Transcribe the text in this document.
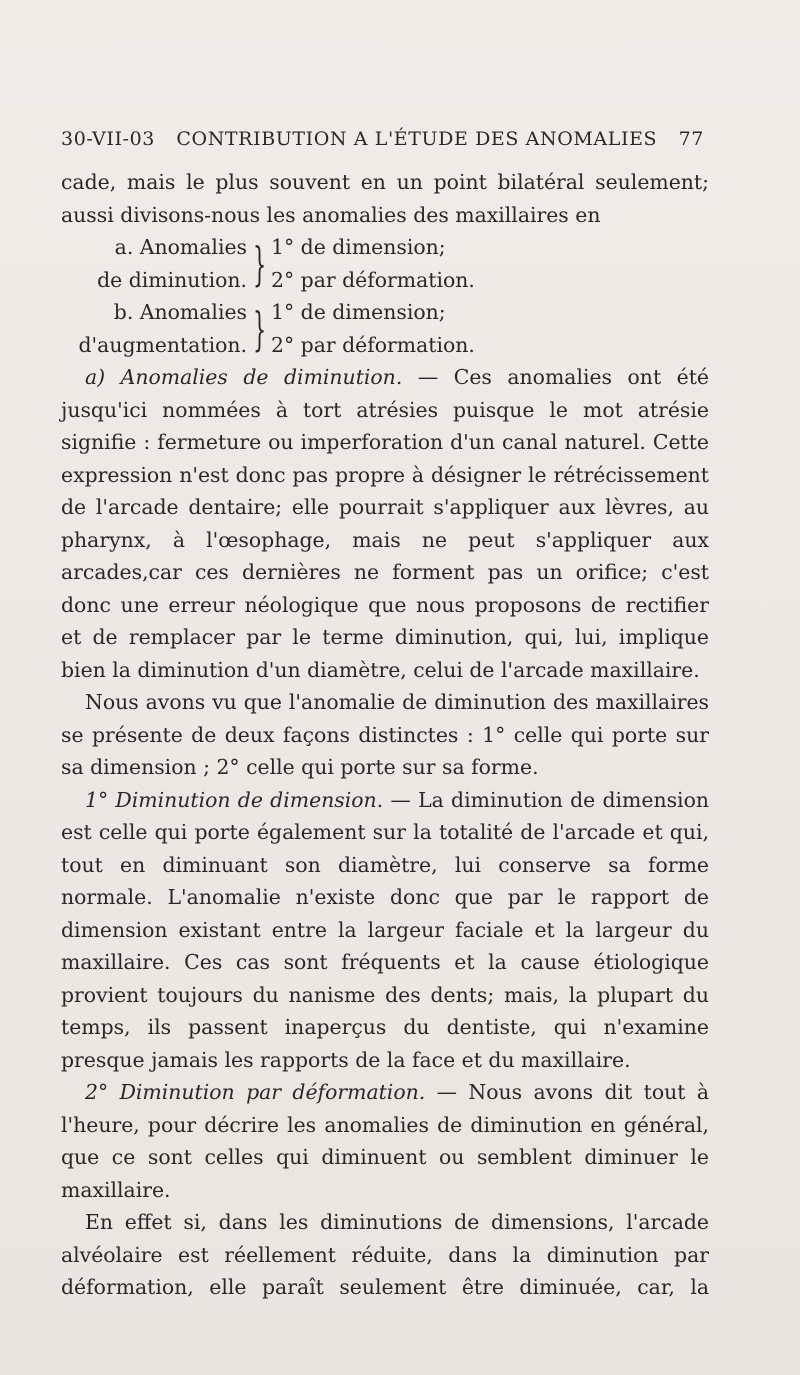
30-VII-03 CONTRIBUTION A L'ÉTUDE DES ANOMALIES 77

cade, mais le plus souvent en un point bilatéral seulement; aussi divisons-nous les anomalies des maxillaires en

a. Anomalies
de diminution. } 1° de dimension;
2° par déformation.
b. Anomalies
d'augmentation. } 1° de dimension;
2° par déformation.

a) Anomalies de diminution. — Ces anomalies ont été jusqu'ici nommées à tort atrésies puisque le mot atrésie signifie : fermeture ou imperforation d'un canal naturel. Cette expression n'est donc pas propre à désigner le rétrécissement de l'arcade dentaire; elle pourrait s'appliquer aux lèvres, au pharynx, à l'œsophage, mais ne peut s'appliquer aux arcades,car ces dernières ne forment pas un orifice; c'est donc une erreur néologique que nous proposons de rectifier et de remplacer par le terme diminution, qui, lui, implique bien la diminution d'un diamètre, celui de l'arcade maxillaire.

Nous avons vu que l'anomalie de diminution des maxillaires se présente de deux façons distinctes : 1° celle qui porte sur sa dimension ; 2° celle qui porte sur sa forme.

1° Diminution de dimension. — La diminution de dimension est celle qui porte également sur la totalité de l'arcade et qui, tout en diminuant son diamètre, lui conserve sa forme normale. L'anomalie n'existe donc que par le rapport de dimension existant entre la largeur faciale et la largeur du maxillaire. Ces cas sont fréquents et la cause étiologique provient toujours du nanisme des dents; mais, la plupart du temps, ils passent inaperçus du dentiste, qui n'examine presque jamais les rapports de la face et du maxillaire.

2° Diminution par déformation. — Nous avons dit tout à l'heure, pour décrire les anomalies de diminution en général, que ce sont celles qui diminuent ou semblent diminuer le maxillaire.

En effet si, dans les diminutions de dimensions, l'arcade alvéolaire est réellement réduite, dans la diminution par déformation, elle paraît seulement être diminuée, car, la
